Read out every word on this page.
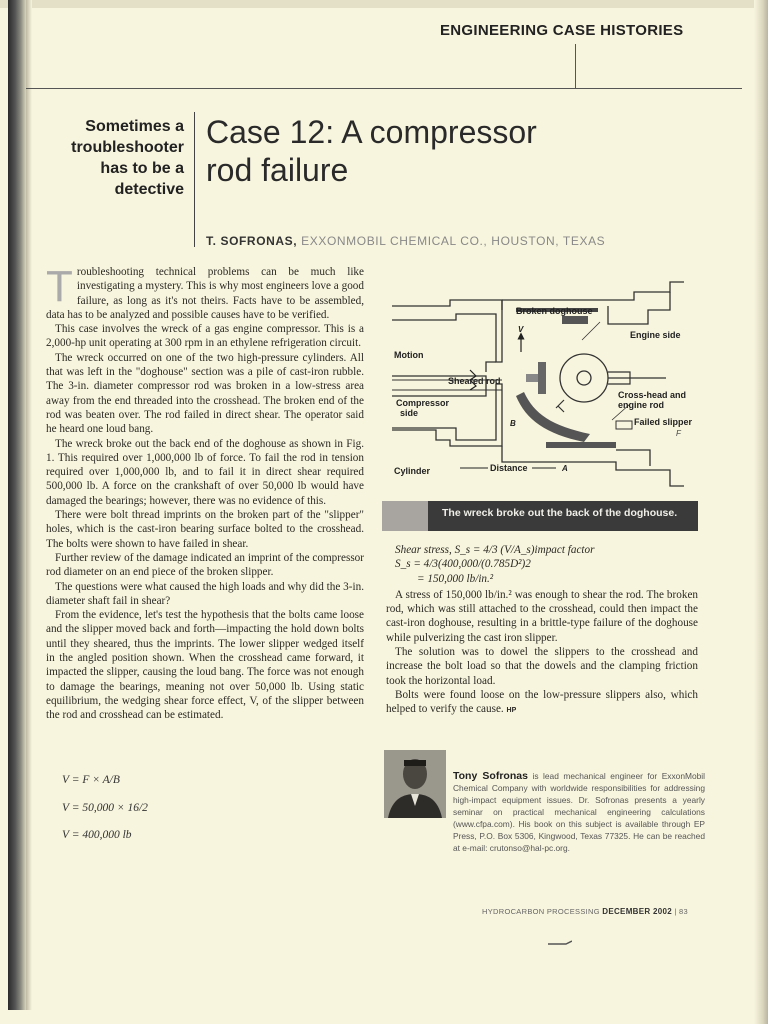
ENGINEERING CASE HISTORIES
Sometimes a
troubleshooter
has to be a
detective
Case 12: A compressor
rod failure
T. SOFRONAS, EXXONMOBIL CHEMICAL CO., HOUSTON, TEXAS

Troubleshooting technical problems can be much like investigating a mystery. This is why most engineers love a good failure, as long as it's not theirs. Facts have to be assembled, data has to be analyzed and possible causes have to be verified.

This case involves the wreck of a gas engine compressor. This is a 2,000-hp unit operating at 300 rpm in an ethylene refrigeration circuit.

The wreck occurred on one of the two high-pressure cylinders. All that was left in the "doghouse" section was a pile of cast-iron rubble. The 3-in. diameter compressor rod was broken in a low-stress area away from the end threaded into the crosshead. The broken end of the rod was beaten over. The rod failed in direct shear. The operator said he heard one loud bang.

The wreck broke out the back end of the doghouse as shown in Fig. 1. This required over 1,000,000 lb of force. To fail the rod in tension required over 1,000,000 lb, and to fail it in direct shear required 500,000 lb. A force on the crankshaft of over 50,000 lb would have damaged the bearings; however, there was no evidence of this.

There were bolt thread imprints on the broken part of the "slipper" holes, which is the cast-iron bearing surface bolted to the crosshead. The bolts were shown to have failed in shear.

Further review of the damage indicated an imprint of the compressor rod diameter on an end piece of the broken slipper.

The questions were what caused the high loads and why did the 3-in. diameter shaft fail in shear?

From the evidence, let's test the hypothesis that the bolts came loose and the slipper moved back and forth—impacting the hold down bolts until they sheared, thus the imprints. The lower slipper wedged itself in the angled position shown. When the crosshead came forward, it impacted the slipper, causing the loud bang. The force was not enough to damage the bearings, meaning not over 50,000 lb. Using static equilibrium, the wedging shear force effect, V, of the slipper between the rod and crosshead can be estimated.

V = F × A/B
V = 50,000 × 16/2
V = 400,000 lb
Broken doghouse
Engine side
V
Motion
Sheared rod
Compressor
side
Cross-head and
engine rod
Failed slipper
F
B
A
Cylinder	Distance
The wreck broke out the back of the doghouse.

Shear stress, S_s = 4/3 (V/A_s)impact factor

S_s = 4/3(400,000/(0.785D²)2

= 150,000 lb/in.²

A stress of 150,000 lb/in.² was enough to shear the rod. The broken rod, which was still attached to the crosshead, could then impact the cast-iron doghouse, resulting in a brittle-type failure of the doghouse while pulverizing the cast iron slipper.

The solution was to dowel the slippers to the crosshead and increase the bolt load so that the dowels and the clamping friction took the horizontal load.

Bolts were found loose on the low-pressure slippers also, which helped to verify the cause. HP

Tony Sofronas is lead mechanical engineer for ExxonMobil Chemical Company with worldwide responsibilities for addressing high-impact equipment issues. Dr. Sofronas presents a yearly seminar on practical mechanical engineering calculations (www.cfpa.com). His book on this subject is available through EP Press, P.O. Box 5306, Kingwood, Texas 77325. He can be reached at e-mail: crutonso@hal-pc.org.
HYDROCARBON PROCESSING DECEMBER 2002 | 83
